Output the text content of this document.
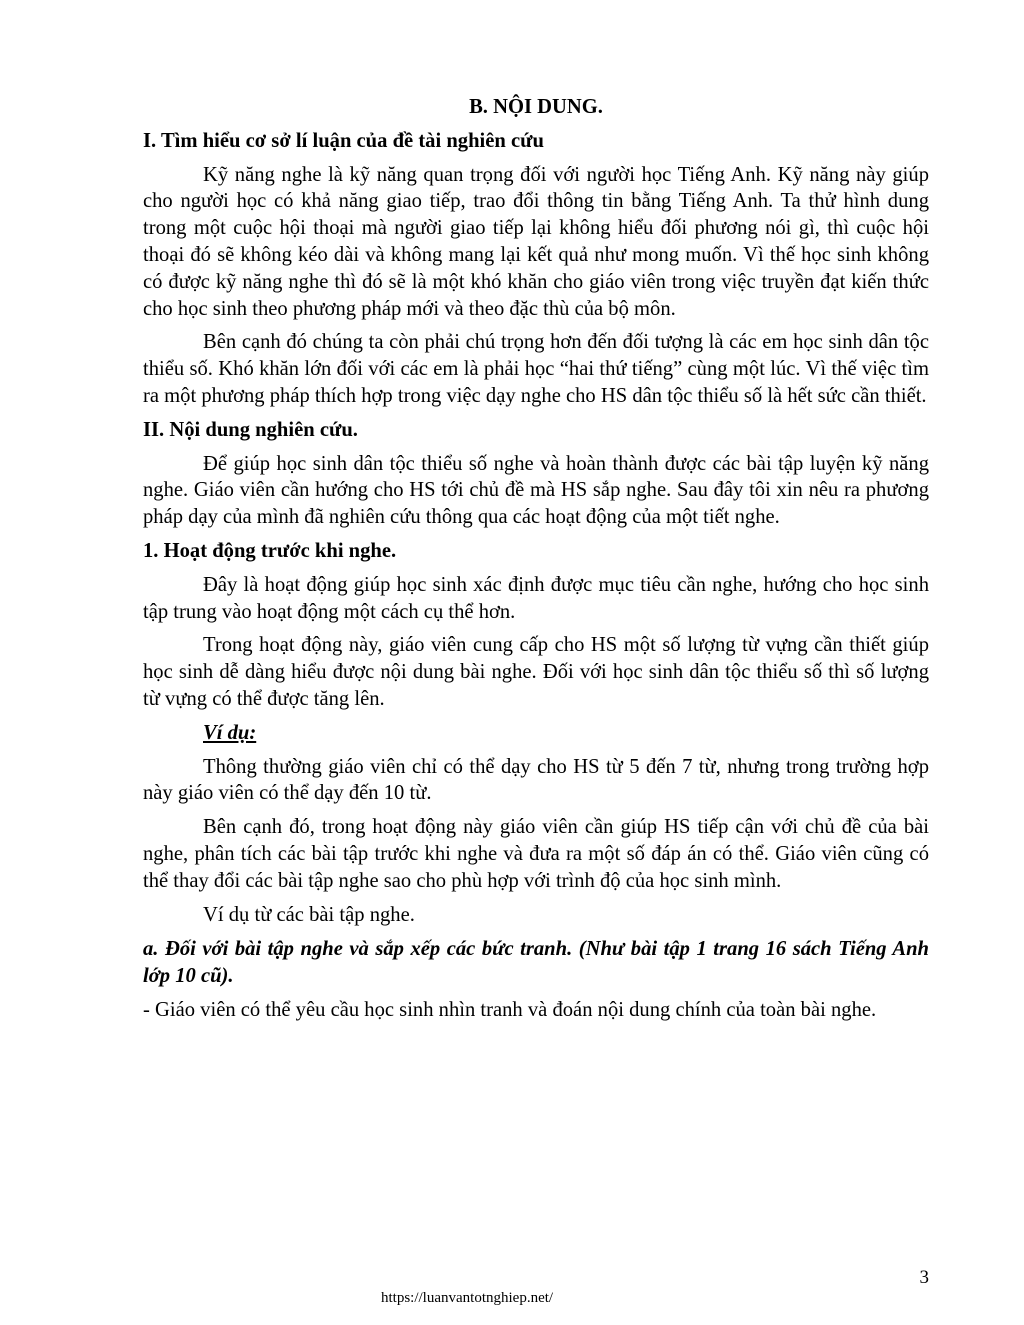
B. NỘI DUNG.

I. Tìm hiểu cơ sở lí luận của đề tài nghiên cứu

Kỹ năng nghe là kỹ năng quan trọng đối với người học Tiếng Anh. Kỹ năng này giúp cho người học có khả năng giao tiếp, trao đổi thông tin bằng Tiếng Anh. Ta thử hình dung trong một cuộc hội thoại mà người giao tiếp lại không hiểu đối phương nói gì, thì cuộc hội thoại đó sẽ không kéo dài và không mang lại kết quả như mong muốn. Vì thế học sinh không có được kỹ năng nghe thì đó sẽ là một khó khăn cho giáo viên trong việc truyền đạt kiến thức cho học sinh theo phương pháp mới và theo đặc thù của bộ môn.

Bên cạnh đó chúng ta còn phải chú trọng hơn đến đối tượng là các em học sinh dân tộc thiểu số. Khó khăn lớn đối với các em là phải học “hai thứ tiếng” cùng một lúc. Vì thế việc tìm ra một phương pháp thích hợp trong việc dạy nghe cho HS dân tộc thiểu số là hết sức cần thiết.

II. Nội dung nghiên cứu.

Để giúp học sinh dân tộc thiểu số nghe và hoàn thành được các bài tập luyện kỹ năng nghe. Giáo viên cần hướng cho HS tới chủ đề mà HS sắp nghe. Sau đây tôi xin nêu ra phương pháp dạy của mình đã nghiên cứu thông qua các hoạt động của một tiết nghe.

1. Hoạt động trước khi nghe.

Đây là hoạt động giúp học sinh xác định được mục tiêu cần nghe, hướng cho học sinh tập trung vào hoạt động một cách cụ thể hơn.

Trong hoạt động này, giáo viên cung cấp cho HS một số lượng từ vựng cần thiết giúp học sinh dễ dàng hiểu được nội dung bài nghe. Đối với học sinh dân tộc thiểu số thì số lượng từ vựng có thể được tăng lên.

Ví dụ:

Thông thường giáo viên chỉ có thể dạy cho HS từ 5 đến 7 từ, nhưng trong trường hợp này giáo viên có thể dạy đến 10 từ.

Bên cạnh đó, trong hoạt động này giáo viên cần giúp HS tiếp cận với chủ đề của bài nghe, phân tích các bài tập trước khi nghe và đưa ra một số đáp án có thể. Giáo viên cũng có thể thay đổi các bài tập nghe sao cho phù hợp với trình độ của học sinh mình.

Ví dụ từ các bài tập nghe.

a. Đối với bài tập nghe và sắp xếp các bức tranh. (Như bài tập 1 trang 16 sách Tiếng Anh lớp 10 cũ).

- Giáo viên có thể yêu cầu học sinh nhìn tranh và đoán nội dung chính của toàn bài nghe.

3
https://luanvantotnghiep.net/
